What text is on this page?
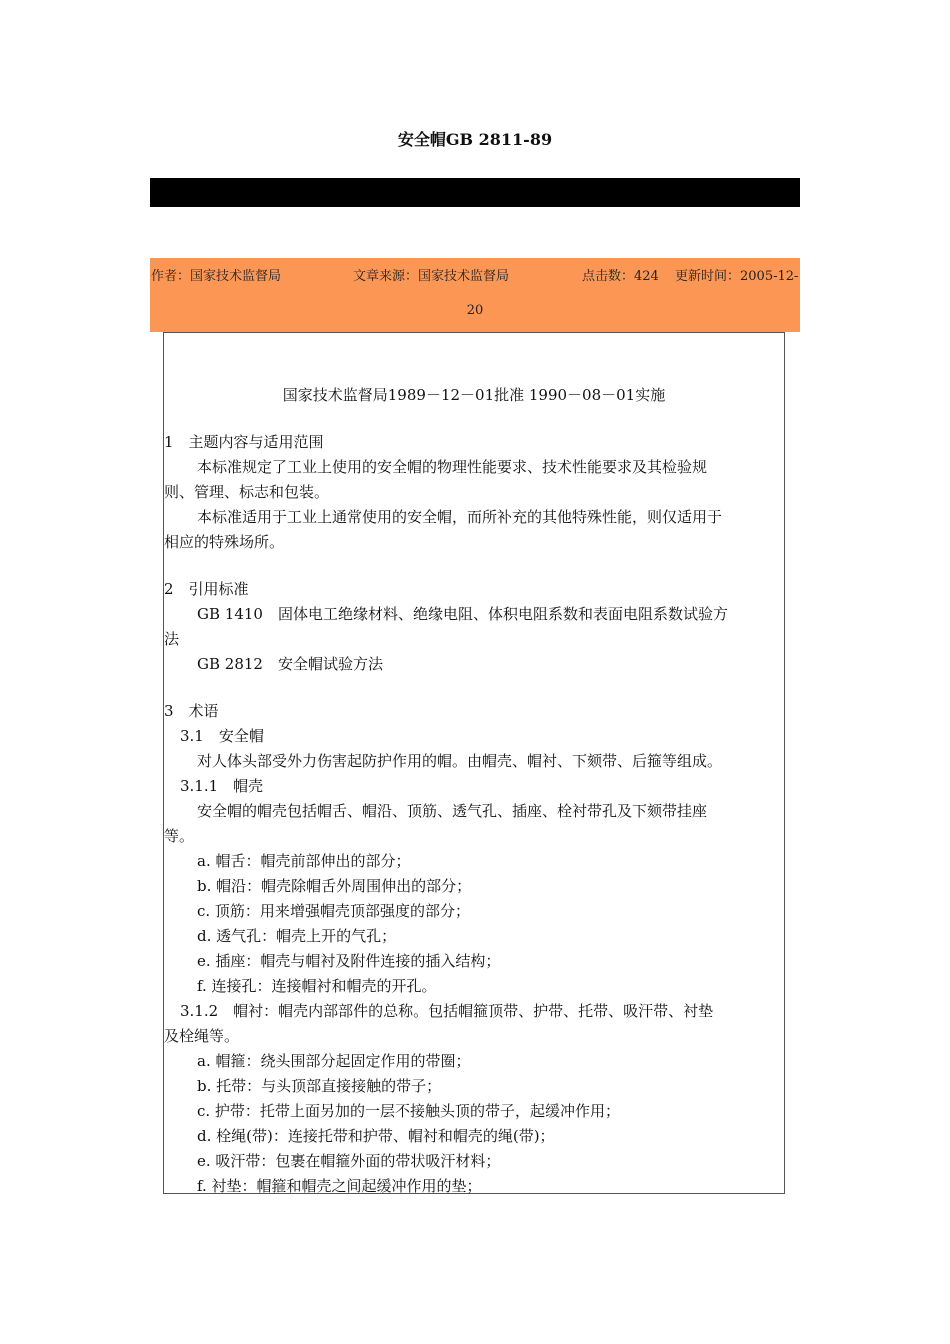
安全帽GB 2811-89
作者：国家技术监督局	文章来源：国家技术监督局	点击数：424 更新时间：2005-12-
20
国家技术监督局1989－12－01批准 1990－08－01实施
1　主题内容与适用范围
本标准规定了工业上使用的安全帽的物理性能要求、技术性能要求及其检验规
则、管理、标志和包装。
本标准适用于工业上通常使用的安全帽，而所补充的其他特殊性能，则仅适用于
相应的特殊场所。
2　引用标准
GB 1410　固体电工绝缘材料、绝缘电阻、体积电阻系数和表面电阻系数试验方
法
GB 2812　安全帽试验方法
3　术语
3.1　安全帽
对人体头部受外力伤害起防护作用的帽。由帽壳、帽衬、下颏带、后箍等组成。
3.1.1　帽壳
安全帽的帽壳包括帽舌、帽沿、顶筋、透气孔、插座、栓衬带孔及下颏带挂座
等。
a. 帽舌：帽壳前部伸出的部分；
b. 帽沿：帽壳除帽舌外周围伸出的部分；
c. 顶筋：用来增强帽壳顶部强度的部分；
d. 透气孔：帽壳上开的气孔；
e. 插座：帽壳与帽衬及附件连接的插入结构；
f. 连接孔：连接帽衬和帽壳的开孔。
3.1.2　帽衬：帽壳内部部件的总称。包括帽箍顶带、护带、托带、吸汗带、衬垫
及栓绳等。
a. 帽箍：绕头围部分起固定作用的带圈；
b. 托带：与头顶部直接接触的带子；
c. 护带：托带上面另加的一层不接触头顶的带子，起缓冲作用；
d. 栓绳(带)：连接托带和护带、帽衬和帽壳的绳(带)；
e. 吸汗带：包裹在帽箍外面的带状吸汗材料；
f. 衬垫：帽箍和帽壳之间起缓冲作用的垫；
